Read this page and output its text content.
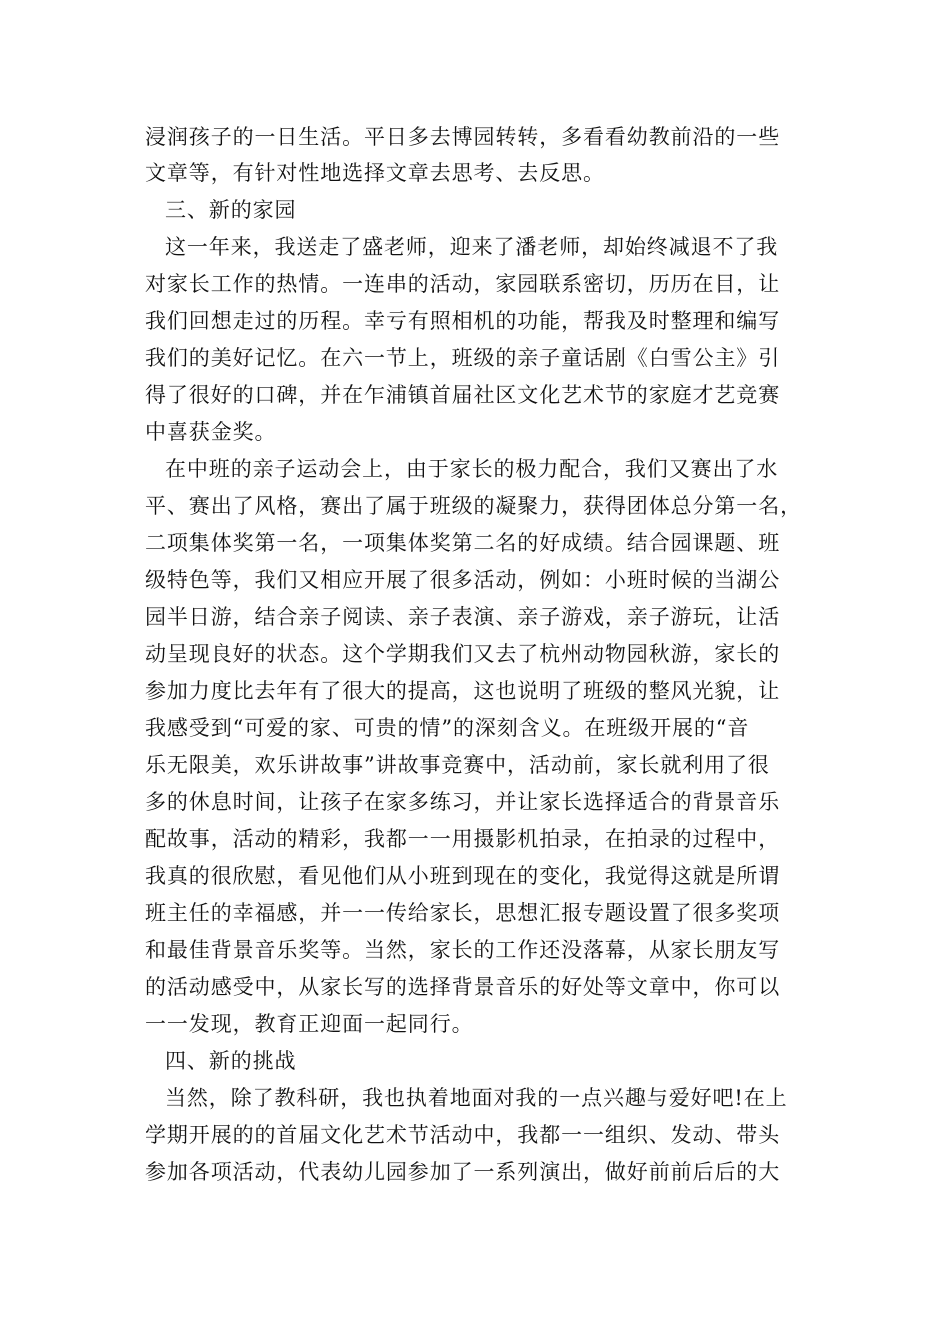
浸润孩子的一日生活。平日多去博园转转，多看看幼教前沿的一些
文章等，有针对性地选择文章去思考、去反思。
三、新的家园
这一年来，我送走了盛老师，迎来了潘老师，却始终减退不了我
对家长工作的热情。一连串的活动，家园联系密切，历历在目，让
我们回想走过的历程。幸亏有照相机的功能，帮我及时整理和编写
我们的美好记忆。在六一节上，班级的亲子童话剧《白雪公主》引
得了很好的口碑，并在乍浦镇首届社区文化艺术节的家庭才艺竞赛
中喜获金奖。
在中班的亲子运动会上，由于家长的极力配合，我们又赛出了水
平、赛出了风格，赛出了属于班级的凝聚力，获得团体总分第一名，
二项集体奖第一名，一项集体奖第二名的好成绩。结合园课题、班
级特色等，我们又相应开展了很多活动，例如：小班时候的当湖公
园半日游，结合亲子阅读、亲子表演、亲子游戏，亲子游玩，让活
动呈现良好的状态。这个学期我们又去了杭州动物园秋游，家长的
参加力度比去年有了很大的提高，这也说明了班级的整风光貌，让
我感受到“可爱的家、可贵的情”的深刻含义。在班级开展的“音
乐无限美，欢乐讲故事”讲故事竞赛中，活动前，家长就利用了很
多的休息时间，让孩子在家多练习，并让家长选择适合的背景音乐
配故事，活动的精彩，我都一一用摄影机拍录，在拍录的过程中，
我真的很欣慰，看见他们从小班到现在的变化，我觉得这就是所谓
班主任的幸福感，并一一传给家长，思想汇报专题设置了很多奖项
和最佳背景音乐奖等。当然，家长的工作还没落幕，从家长朋友写
的活动感受中，从家长写的选择背景音乐的好处等文章中，你可以
一一发现，教育正迎面一起同行。
四、新的挑战
当然，除了教科研，我也执着地面对我的一点兴趣与爱好吧!在上
学期开展的的首届文化艺术节活动中，我都一一组织、发动、带头
参加各项活动，代表幼儿园参加了一系列演出，做好前前后后的大
